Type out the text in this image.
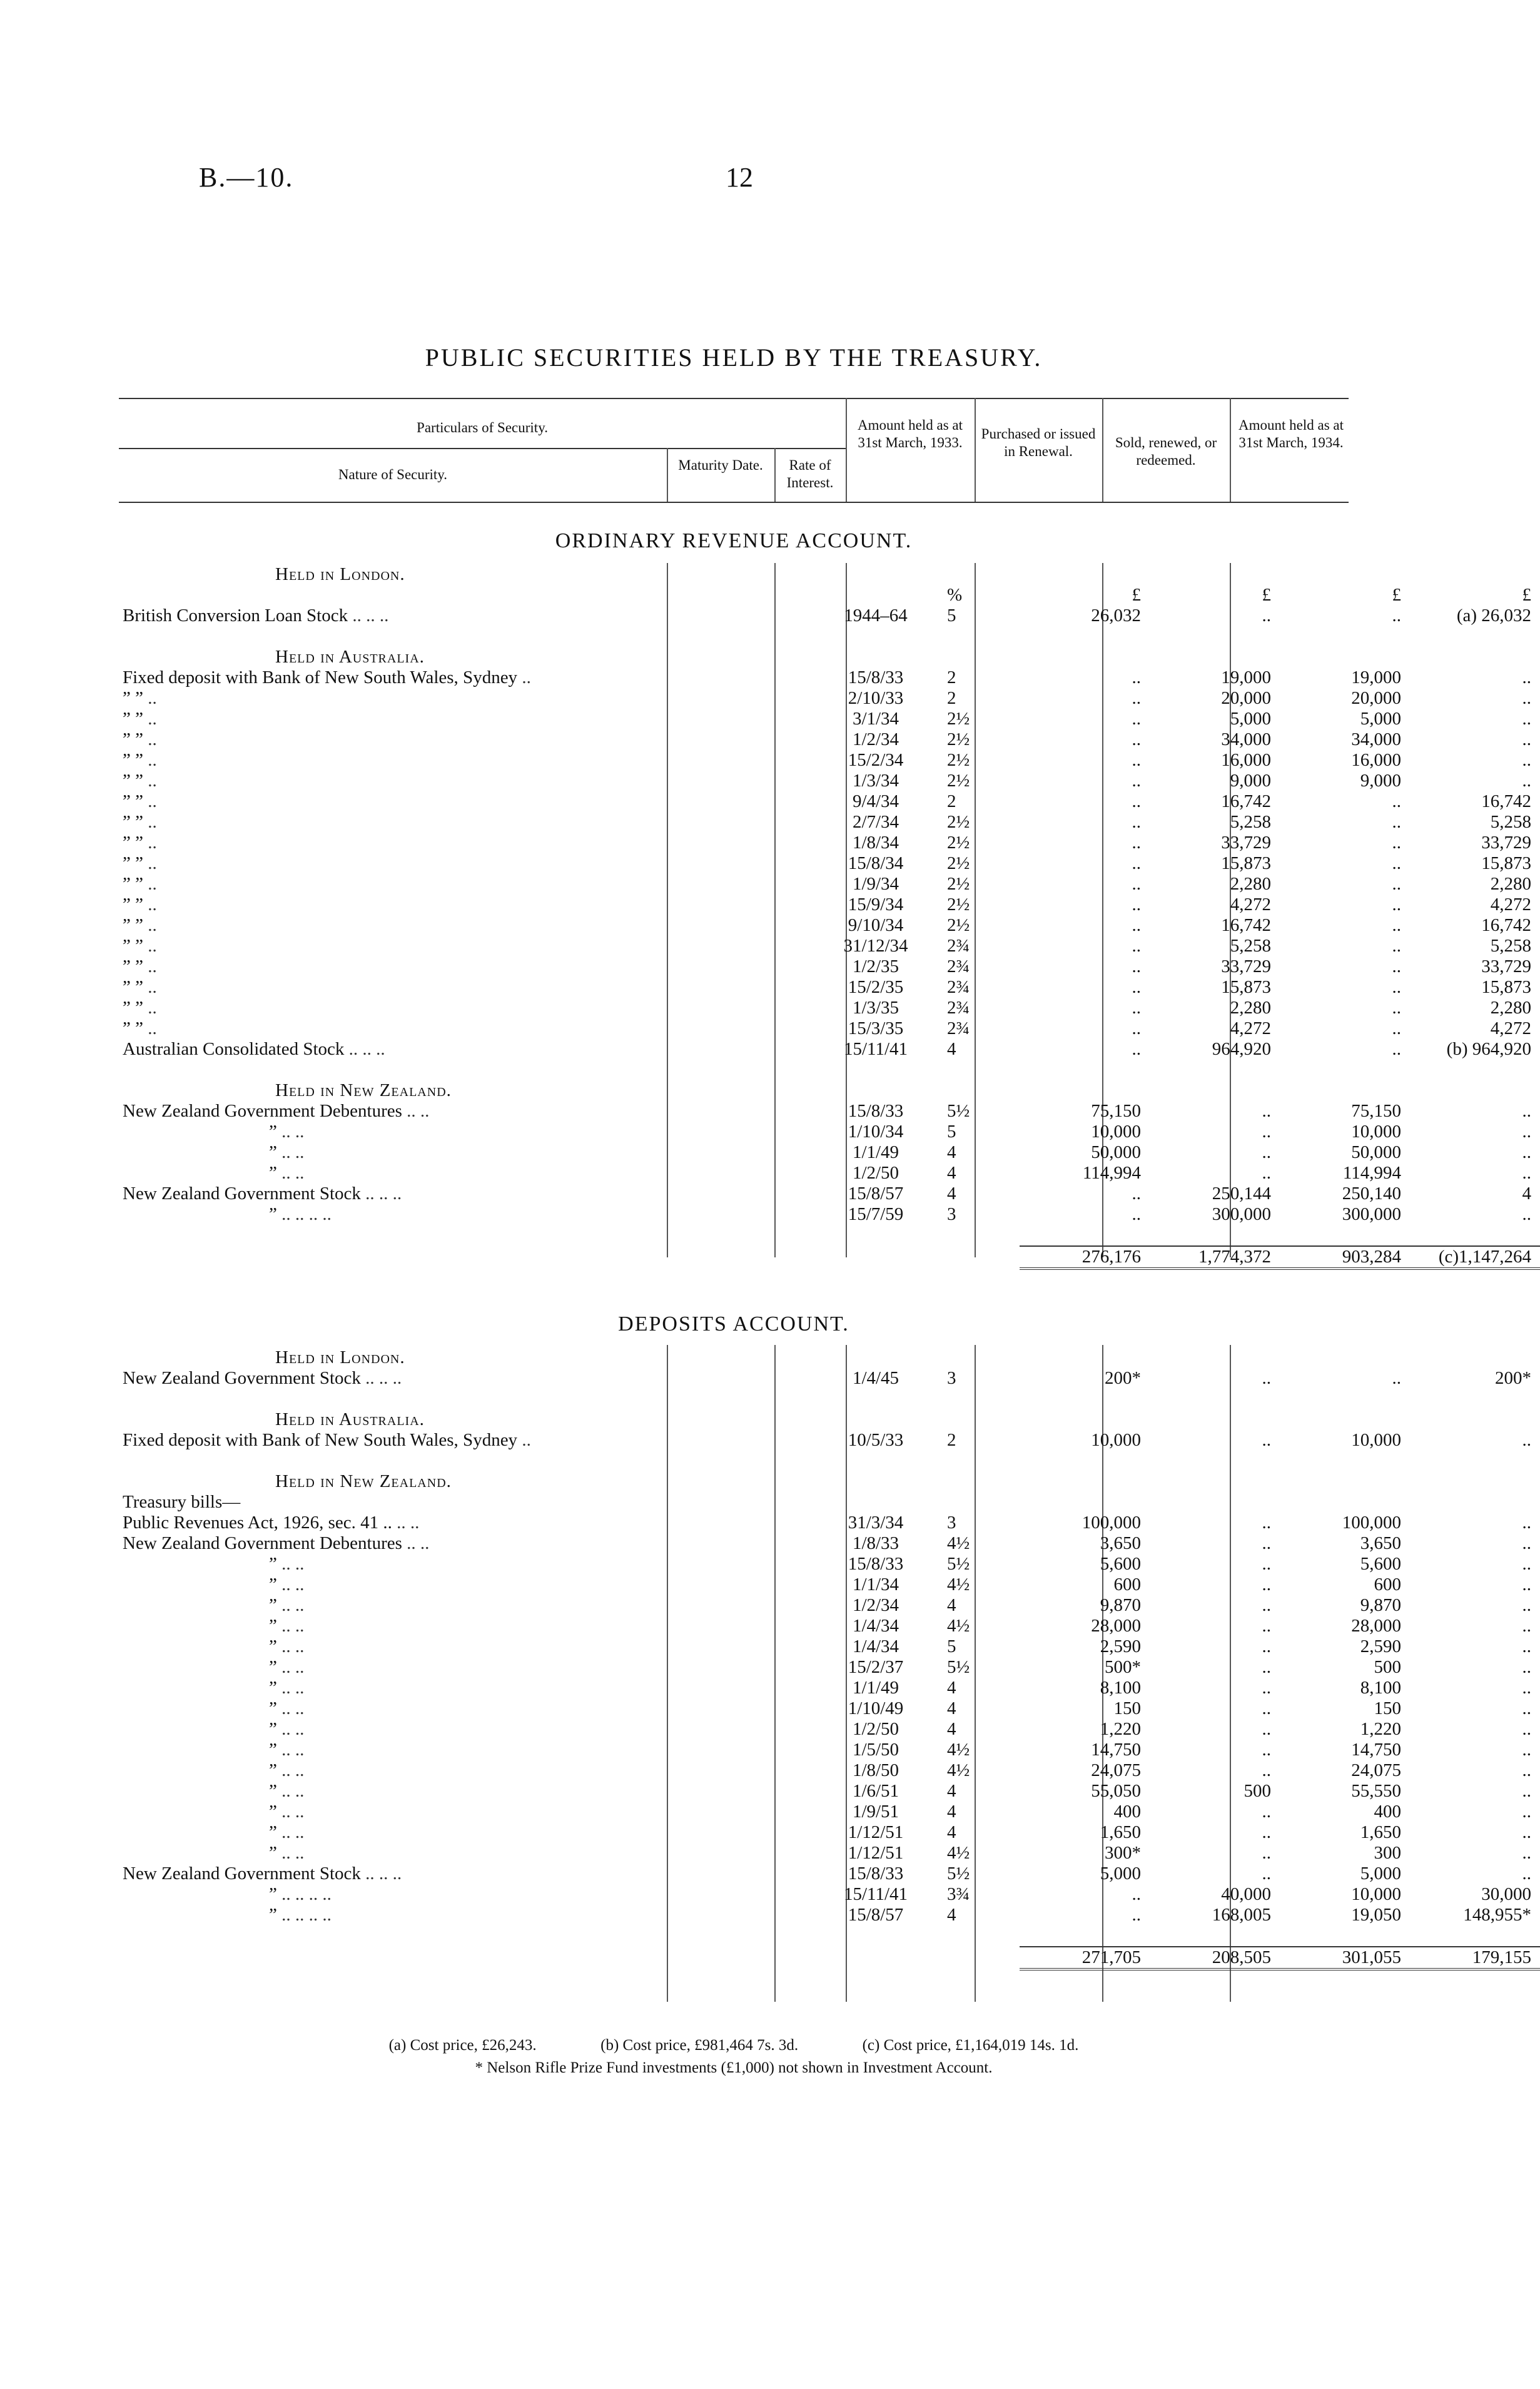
B.—10.	12
PUBLIC SECURITIES HELD BY THE TREASURY.
Particulars of Security.
Nature of Security.
Maturity Date.	Rate of Interest.
Amount held as at 31st March, 1933.
Purchased or issued in Renewal.
Sold, renewed, or redeemed.
Amount held as at 31st March, 1934.
ORDINARY REVENUE ACCOUNT.
Held in London.						
		%	£	£	£	£
British Conversion Loan Stock .. .. ..	1944–64	5	26,032	..	..	(a) 26,032

Held in Australia.						
Fixed deposit with Bank of New South Wales, Sydney ..	15/8/33	2	..	19,000	19,000	..
” ” ..	2/10/33	2	..	20,000	20,000	..
” ” ..	3/1/34	2½	..	5,000	5,000	..
” ” ..	1/2/34	2½	..	34,000	34,000	..
” ” ..	15/2/34	2½	..	16,000	16,000	..
” ” ..	1/3/34	2½	..	9,000	9,000	..
” ” ..	9/4/34	2	..	16,742	..	16,742
” ” ..	2/7/34	2½	..	5,258	..	5,258
” ” ..	1/8/34	2½	..	33,729	..	33,729
” ” ..	15/8/34	2½	..	15,873	..	15,873
” ” ..	1/9/34	2½	..	2,280	..	2,280
” ” ..	15/9/34	2½	..	4,272	..	4,272
” ” ..	9/10/34	2½	..	16,742	..	16,742
” ” ..	31/12/34	2¾	..	5,258	..	5,258
” ” ..	1/2/35	2¾	..	33,729	..	33,729
” ” ..	15/2/35	2¾	..	15,873	..	15,873
” ” ..	1/3/35	2¾	..	2,280	..	2,280
” ” ..	15/3/35	2¾	..	4,272	..	4,272
Australian Consolidated Stock .. .. ..	15/11/41	4	..	964,920	..	(b) 964,920

Held in New Zealand.						
New Zealand Government Debentures .. ..	15/8/33	5½	75,150	..	75,150	..
” .. ..	1/10/34	5	10,000	..	10,000	..
” .. ..	1/1/49	4	50,000	..	50,000	..
” .. ..	1/2/50	4	114,994	..	114,994	..
New Zealand Government Stock .. .. ..	15/8/57	4	..	250,144	250,140	4
” .. .. .. ..	15/7/59	3	..	300,000	300,000	..

			276,176	1,774,372	903,284	(c)1,147,264
DEPOSITS ACCOUNT.
Held in London.						
New Zealand Government Stock .. .. ..	1/4/45	3	200*	..	..	200*

Held in Australia.						
Fixed deposit with Bank of New South Wales, Sydney ..	10/5/33	2	10,000	..	10,000	..

Held in New Zealand.						
Treasury bills—						
Public Revenues Act, 1926, sec. 41 .. .. ..	31/3/34	3	100,000	..	100,000	..
New Zealand Government Debentures .. ..	1/8/33	4½	3,650	..	3,650	..
” .. ..	15/8/33	5½	5,600	..	5,600	..
” .. ..	1/1/34	4½	600	..	600	..
” .. ..	1/2/34	4	9,870	..	9,870	..
” .. ..	1/4/34	4½	28,000	..	28,000	..
” .. ..	1/4/34	5	2,590	..	2,590	..
” .. ..	15/2/37	5½	500*	..	500	..
” .. ..	1/1/49	4	8,100	..	8,100	..
” .. ..	1/10/49	4	150	..	150	..
” .. ..	1/2/50	4	1,220	..	1,220	..
” .. ..	1/5/50	4½	14,750	..	14,750	..
” .. ..	1/8/50	4½	24,075	..	24,075	..
” .. ..	1/6/51	4	55,050	500	55,550	..
” .. ..	1/9/51	4	400	..	400	..
” .. ..	1/12/51	4	1,650	..	1,650	..
” .. ..	1/12/51	4½	300*	..	300	..
New Zealand Government Stock .. .. ..	15/8/33	5½	5,000	..	5,000	..
” .. .. .. ..	15/11/41	3¾	..	40,000	10,000	30,000
” .. .. .. ..	15/8/57	4	..	168,005	19,050	148,955*

			271,705	208,505	301,055	179,155
(a) Cost price, £26,243.	(b) Cost price, £981,464 7s. 3d.	(c) Cost price, £1,164,019 14s. 1d.
* Nelson Rifle Prize Fund investments (£1,000) not shown in Investment Account.
